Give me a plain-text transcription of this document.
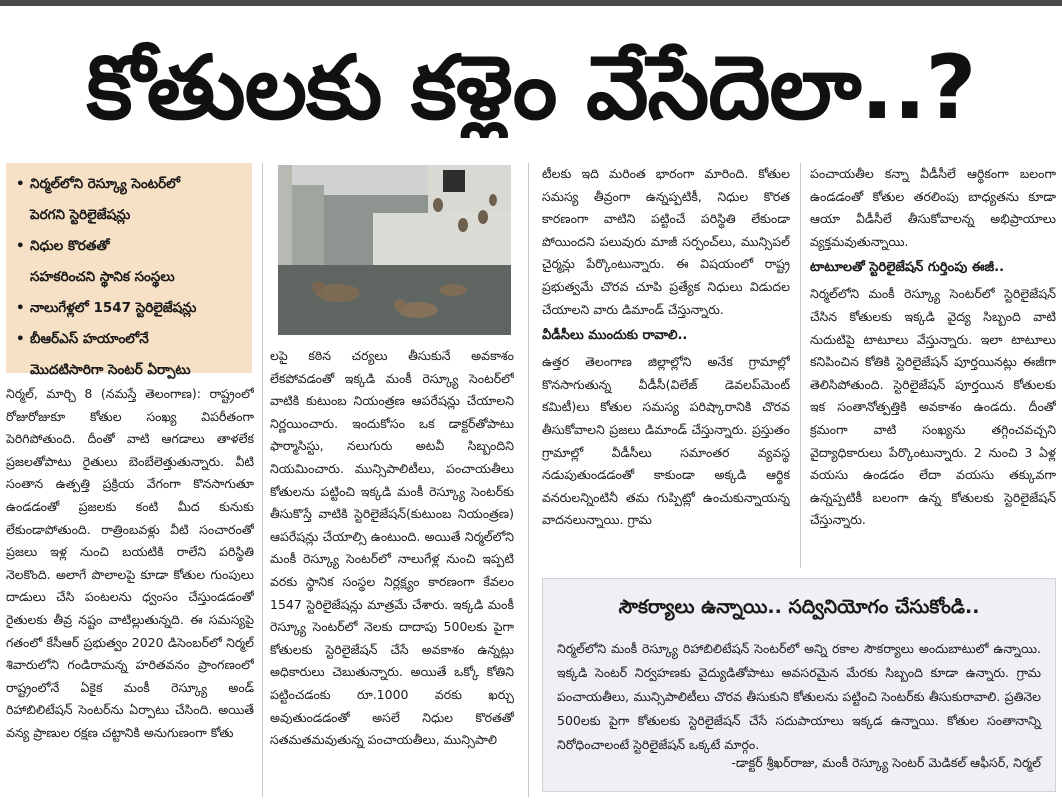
కోతులకు కళ్లెం వేసేదెలా..?
• నిర్మల్‌లోని రెస్క్యూ సెంటర్‌లో
పెరగని స్టెరిలైజేషన్లు
• నిధుల కొరతతో
సహకరించని స్థానిక సంస్థలు
• నాలుగేళ్లలో 1547 స్టెరిలైజేషన్లు
• బీఆర్‌ఎస్ హయాంలోనే
మొదటిసారిగా సెంటర్ ఏర్పాటు

నిర్మల్, మార్చి 8 (నమస్తే తెలంగాణ): రాష్ట్రంలో రోజురోజుకూ కోతుల సంఖ్య విపరీతంగా పెరిగిపోతుంది. దీంతో వాటి ఆగడాలు తాళలేక ప్రజలతోపాటు రైతులు బెంబేలెత్తుతున్నారు. వీటి సంతాన ఉత్పత్తి ప్రక్రియ వేగంగా కొనసాగుతూ ఉండడంతో ప్రజలకు కంటి మీద కునుకు లేకుండాపోతుంది. రాత్రింబవళ్లు వీటి సంచారంతో ప్రజలు ఇళ్ల నుంచి బయటికి రాలేని పరిస్థితి నెలకొంది. అలాగే పొలాలపై కూడా కోతుల గుంపులు దాడులు చేసి పంటలను ధ్వంసం చేస్తుండడంతో రైతులకు తీవ్ర నష్టం వాటిల్లుతున్నది. ఈ సమస్యపై గతంలో కేసీఆర్ ప్రభుత్వం 2020 డిసెంబర్‌లో నిర్మల్ శివారులోని గండిరామన్న హరితవనం ప్రాంగణంలో రాష్ట్రంలోనే ఏకైక మంకీ రెస్క్యూ అండ్ రిహాబిలిటేషన్ సెంటర్‌ను ఏర్పాటు చేసింది. అయితే వన్య ప్రాణుల రక్షణ చట్టానికి అనుగుణంగా కోతు

లపై కఠిన చర్యలు తీసుకునే అవకాశం లేకపోవడంతో ఇక్కడి మంకీ రెస్క్యూ సెంటర్‌లో వాటికి కుటుంబ నియంత్రణ ఆపరేషన్లు చేయాలని నిర్ణయించారు. ఇందుకోసం ఒక డాక్టర్‌తోపాటు ఫార్మాసిస్టు, నలుగురు అటవీ సిబ్బందిని నియమించారు. మున్సిపాలిటీలు, పంచాయతీలు కోతులను పట్టించి ఇక్కడి మంకీ రెస్క్యూ సెంటర్‌కు తీసుకొస్తే వాటికి స్టెరిలైజేషన్(కుటుంబ నియంత్రణ) ఆపరేషన్లు చేయాల్సి ఉంటుంది. అయితే నిర్మల్‌లోని మంకీ రెస్క్యూ సెంటర్‌లో నాలుగేళ్ల నుంచి ఇప్పటి వరకు స్థానిక సంస్థల నిర్లక్ష్యం కారణంగా కేవలం 1547 స్టెరిలైజేషన్లు మాత్రమే చేశారు. ఇక్కడి మంకీ రెస్క్యూ సెంటర్‌లో నెలకు దాదాపు 500లకు పైగా కోతులకు స్టెరిలైజేషన్ చేసే అవకాశం ఉన్నట్లు అధికారులు చెబుతున్నారు. అయితే ఒక్కో కోతిని పట్టించడంకు రూ.1000 వరకు ఖర్చు అవుతుండడంతో అసలే నిధుల కొరతతో సతమతమవుతున్న పంచాయతీలు, మున్సిపాలి

టీలకు ఇది మరింత భారంగా మారింది. కోతుల సమస్య తీవ్రంగా ఉన్నప్పటికీ, నిధుల కొరత కారణంగా వాటిని పట్టించే పరిస్థితి లేకుండా పోయిందని పలువురు మాజీ సర్పంచ్‌లు, మున్సిపల్ చైర్మన్లు పేర్కొంటున్నారు. ఈ విషయంలో రాష్ట్ర ప్రభుత్వమే చొరవ చూపి ప్రత్యేక నిధులు విడుదల చేయాలని వారు డిమాండ్ చేస్తున్నారు.

వీడీసీలు ముందుకు రావాలి..

ఉత్తర తెలంగాణ జిల్లాల్లోని అనేక గ్రామాల్లో కొనసాగుతున్న వీడీసీ(విలేజ్ డెవలప్‌మెంట్ కమిటీ)లు కోతుల సమస్య పరిష్కారానికి చొరవ తీసుకోవాలని ప్రజలు డిమాండ్ చేస్తున్నారు. ప్రస్తుతం గ్రామాల్లో వీడీసీలు సమాంతర వ్యవస్థ నడుపుతుండడంతో కాకుండా అక్కడి ఆర్థిక వనరులన్నింటినీ తమ గుప్పిట్లో ఉంచుకున్నాయన్న వాదనలున్నాయి. గ్రామ

పంచాయతీల కన్నా వీడీసీలే ఆర్థికంగా బలంగా ఉండడంతో కోతుల తరలింపు బాధ్యతను కూడా ఆయా వీడీసీలే తీసుకోవాలన్న అభిప్రాయాలు వ్యక్తమవుతున్నాయి.

టాటూలతో స్టెరిలైజేషన్ గుర్తింపు ఈజీ..

నిర్మల్‌లోని మంకీ రెస్క్యూ సెంటర్‌లో స్టెరిలైజేషన్ చేసిన కోతులకు ఇక్కడి వైద్య సిబ్బంది వాటి నుదుటిపై టాటూలు వేస్తున్నారు. ఇలా టాటూలు కనిపించిన కోతికి స్టెరిలైజేషన్ పూర్తయినట్లు ఈజీగా తెలిసిపోతుంది. స్టెరిలైజేషన్ పూర్తయిన కోతులకు ఇక సంతానోత్పత్తికి అవకాశం ఉండదు. దీంతో క్రమంగా వాటి సంఖ్యను తగ్గించవచ్చని వైద్యాధికారులు పేర్కొంటున్నారు. 2 నుంచి 3 ఏళ్ల వయసు ఉండడం లేదా వయసు తక్కువగా ఉన్నప్పటికీ బలంగా ఉన్న కోతులకు స్టెరిలైజేషన్ చేస్తున్నారు.

సౌకర్యాలు ఉన్నాయి.. సద్వినియోగం చేసుకోండి..
నిర్మల్‌లోని మంకీ రెస్క్యూ రిహాబిలిటేషన్ సెంటర్‌లో అన్ని రకాల సౌకర్యాలు అందుబాటులో ఉన్నాయి. ఇక్కడి సెంటర్ నిర్వహణకు వైద్యుడితోపాటు అవసరమైన మేరకు సిబ్బంది కూడా ఉన్నారు. గ్రామ పంచాయతీలు, మున్సిపాలిటీలు చొరవ తీసుకుని కోతులను పట్టించి సెంటర్‌కు తీసుకురావాలి. ప్రతినెల 500లకు పైగా కోతులకు స్టెరిలైజేషన్ చేసే సదుపాయాలు ఇక్కడ ఉన్నాయి. కోతుల సంతానాన్ని నిరోధించాలంటే స్టెరిలైజేషన్ ఒక్కటే మార్గం.
-డాక్టర్ శ్రీఖర్‌రాజు, మంకీ రెస్క్యూ సెంటర్ మెడికల్ ఆఫీసర్, నిర్మల్
